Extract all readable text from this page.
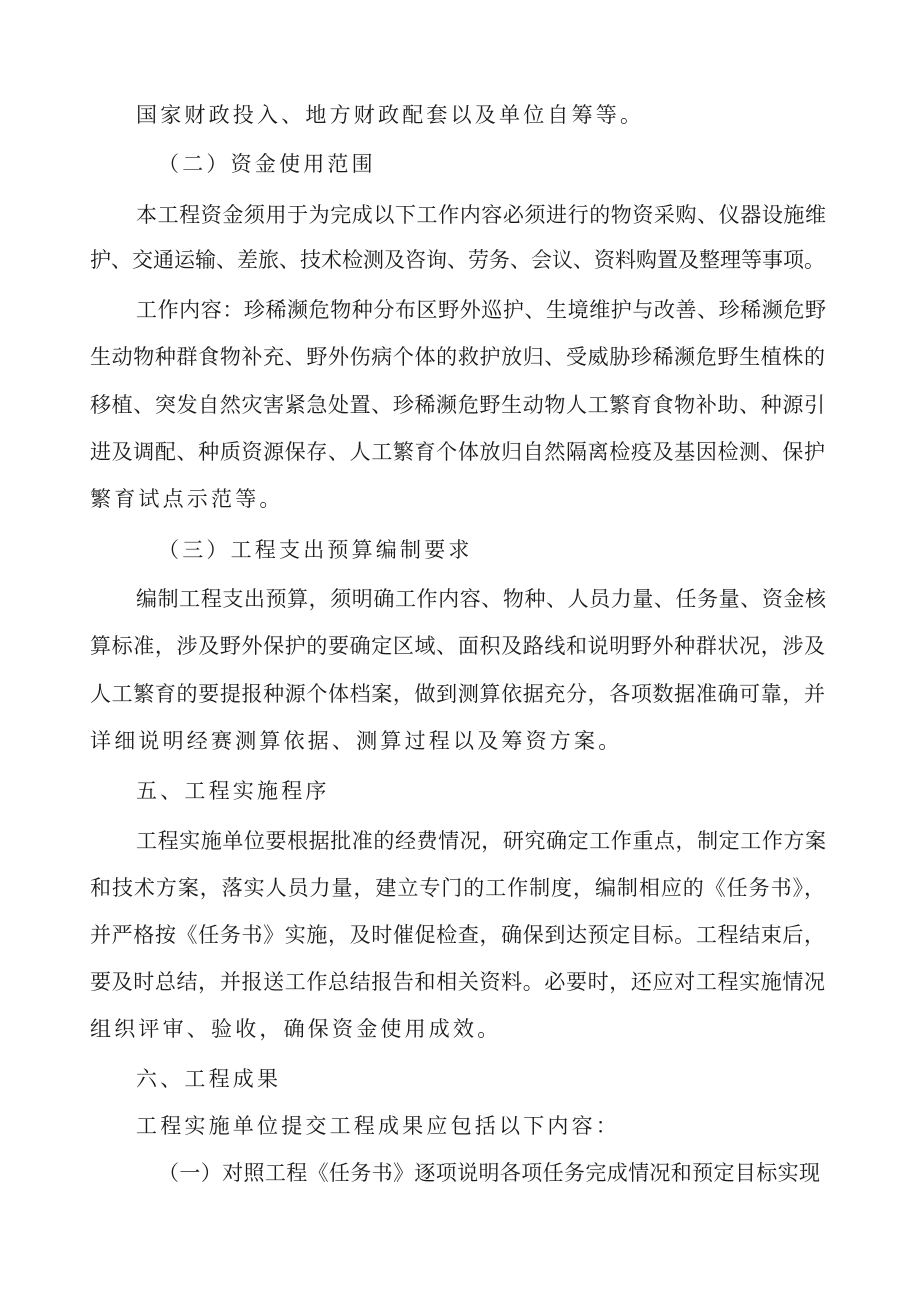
国家财政投入、地方财政配套以及单位自筹等。

（二）资金使用范围

本工程资金须用于为完成以下工作内容必须进行的物资采购、仪器设施维

护、交通运输、差旅、技术检测及咨询、劳务、会议、资料购置及整理等事项。

工作内容：珍稀濒危物种分布区野外巡护、生境维护与改善、珍稀濒危野

生动物种群食物补充、野外伤病个体的救护放归、受威胁珍稀濒危野生植株的

移植、突发自然灾害紧急处置、珍稀濒危野生动物人工繁育食物补助、种源引

进及调配、种质资源保存、人工繁育个体放归自然隔离检疫及基因检测、保护

繁育试点示范等。

（三）工程支出预算编制要求

编制工程支出预算，须明确工作内容、物种、人员力量、任务量、资金核

算标准，涉及野外保护的要确定区域、面积及路线和说明野外种群状况，涉及

人工繁育的要提报种源个体档案，做到测算依据充分，各项数据准确可靠，并

详细说明经赛测算依据、测算过程以及筹资方案。

五、工程实施程序

工程实施单位要根据批准的经费情况，研究确定工作重点，制定工作方案

和技术方案，落实人员力量，建立专门的工作制度，编制相应的《任务书》，

并严格按《任务书》实施，及时催促检查，确保到达预定目标。工程结束后，

要及时总结，并报送工作总结报告和相关资料。必要时，还应对工程实施情况

组织评审、验收，确保资金使用成效。

六、工程成果

工程实施单位提交工程成果应包括以下内容：

（一）对照工程《任务书》逐项说明各项任务完成情况和预定目标实现
